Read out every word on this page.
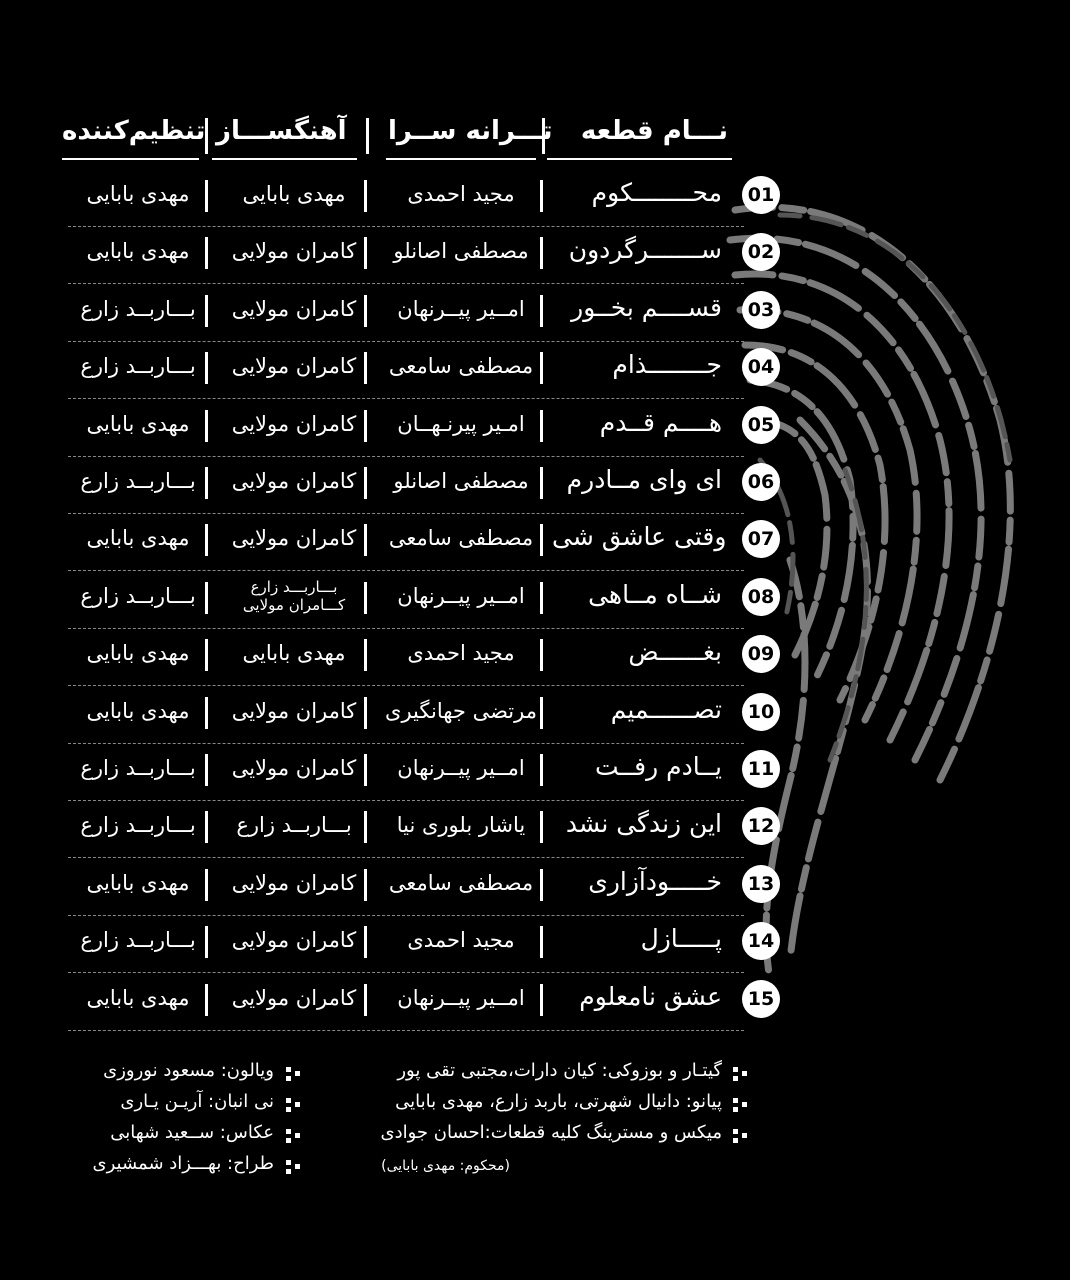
نـــام قطعه
تـــرانه ســرا
آهنگســـاز
تنظیم‌کننده
01
محــــــــکوم
مجید احمدی
مهدی بابایی
مهدی بابایی
02
ســـــــرگردون
مصطفی اصانلو
کامران مولایی
مهدی بابایی
03
قســــم بخــور
امــیر پیــرنهان
کامران مولایی
بـــاربــد زارع
04
جــــــــذام
مصطفی سامعی
کامران مولایی
بـــاربــد زارع
05
هــــم قــدم
امـیر پیرنـهــان
کامران مولایی
مهدی بابایی
06
ای وای مــادرم
مصطفی اصانلو
کامران مولایی
بـــاربــد زارع
07
وقتی عاشق شی
مصطفی سامعی
کامران مولایی
مهدی بابایی
08
شــاه مــاهی
امــیر پیــرنهان
بـــاربـــد زارع
کـــامران مولایی
بـــاربــد زارع
09
بغــــــض
مجید احمدی
مهدی بابایی
مهدی بابایی
10
تصــــــمیم
مرتضی جهانگیری
کامران مولایی
مهدی بابایی
11
یــادم رفــت
امــیر پیــرنهان
کامران مولایی
بـــاربــد زارع
12
این زندگی نشد
یاشار بلوری نیا
بـــاربــد زارع
بـــاربــد زارع
13
خـــــودآزاری
مصطفی سامعی
کامران مولایی
مهدی بابایی
14
پـــــازل
مجید احمدی
کامران مولایی
بـــاربــد زارع
15
عشق نامعلوم
امــیر پیــرنهان
کامران مولایی
مهدی بابایی
گیتـار و بوزوکی: کیان دارات،مجتبی تقی پور
پیانو: دانیال شهرتی، باربد زارع، مهدی بابایی
میکس و مسترینگ کلیه قطعات:احسان جوادی
(محکوم: مهدی بابایی)
ویالون: مسعود نوروزی
نی انبان: آریـن یـاری
عکاس: ســعید شهابی
طراح: بهـــزاد شمشیری
